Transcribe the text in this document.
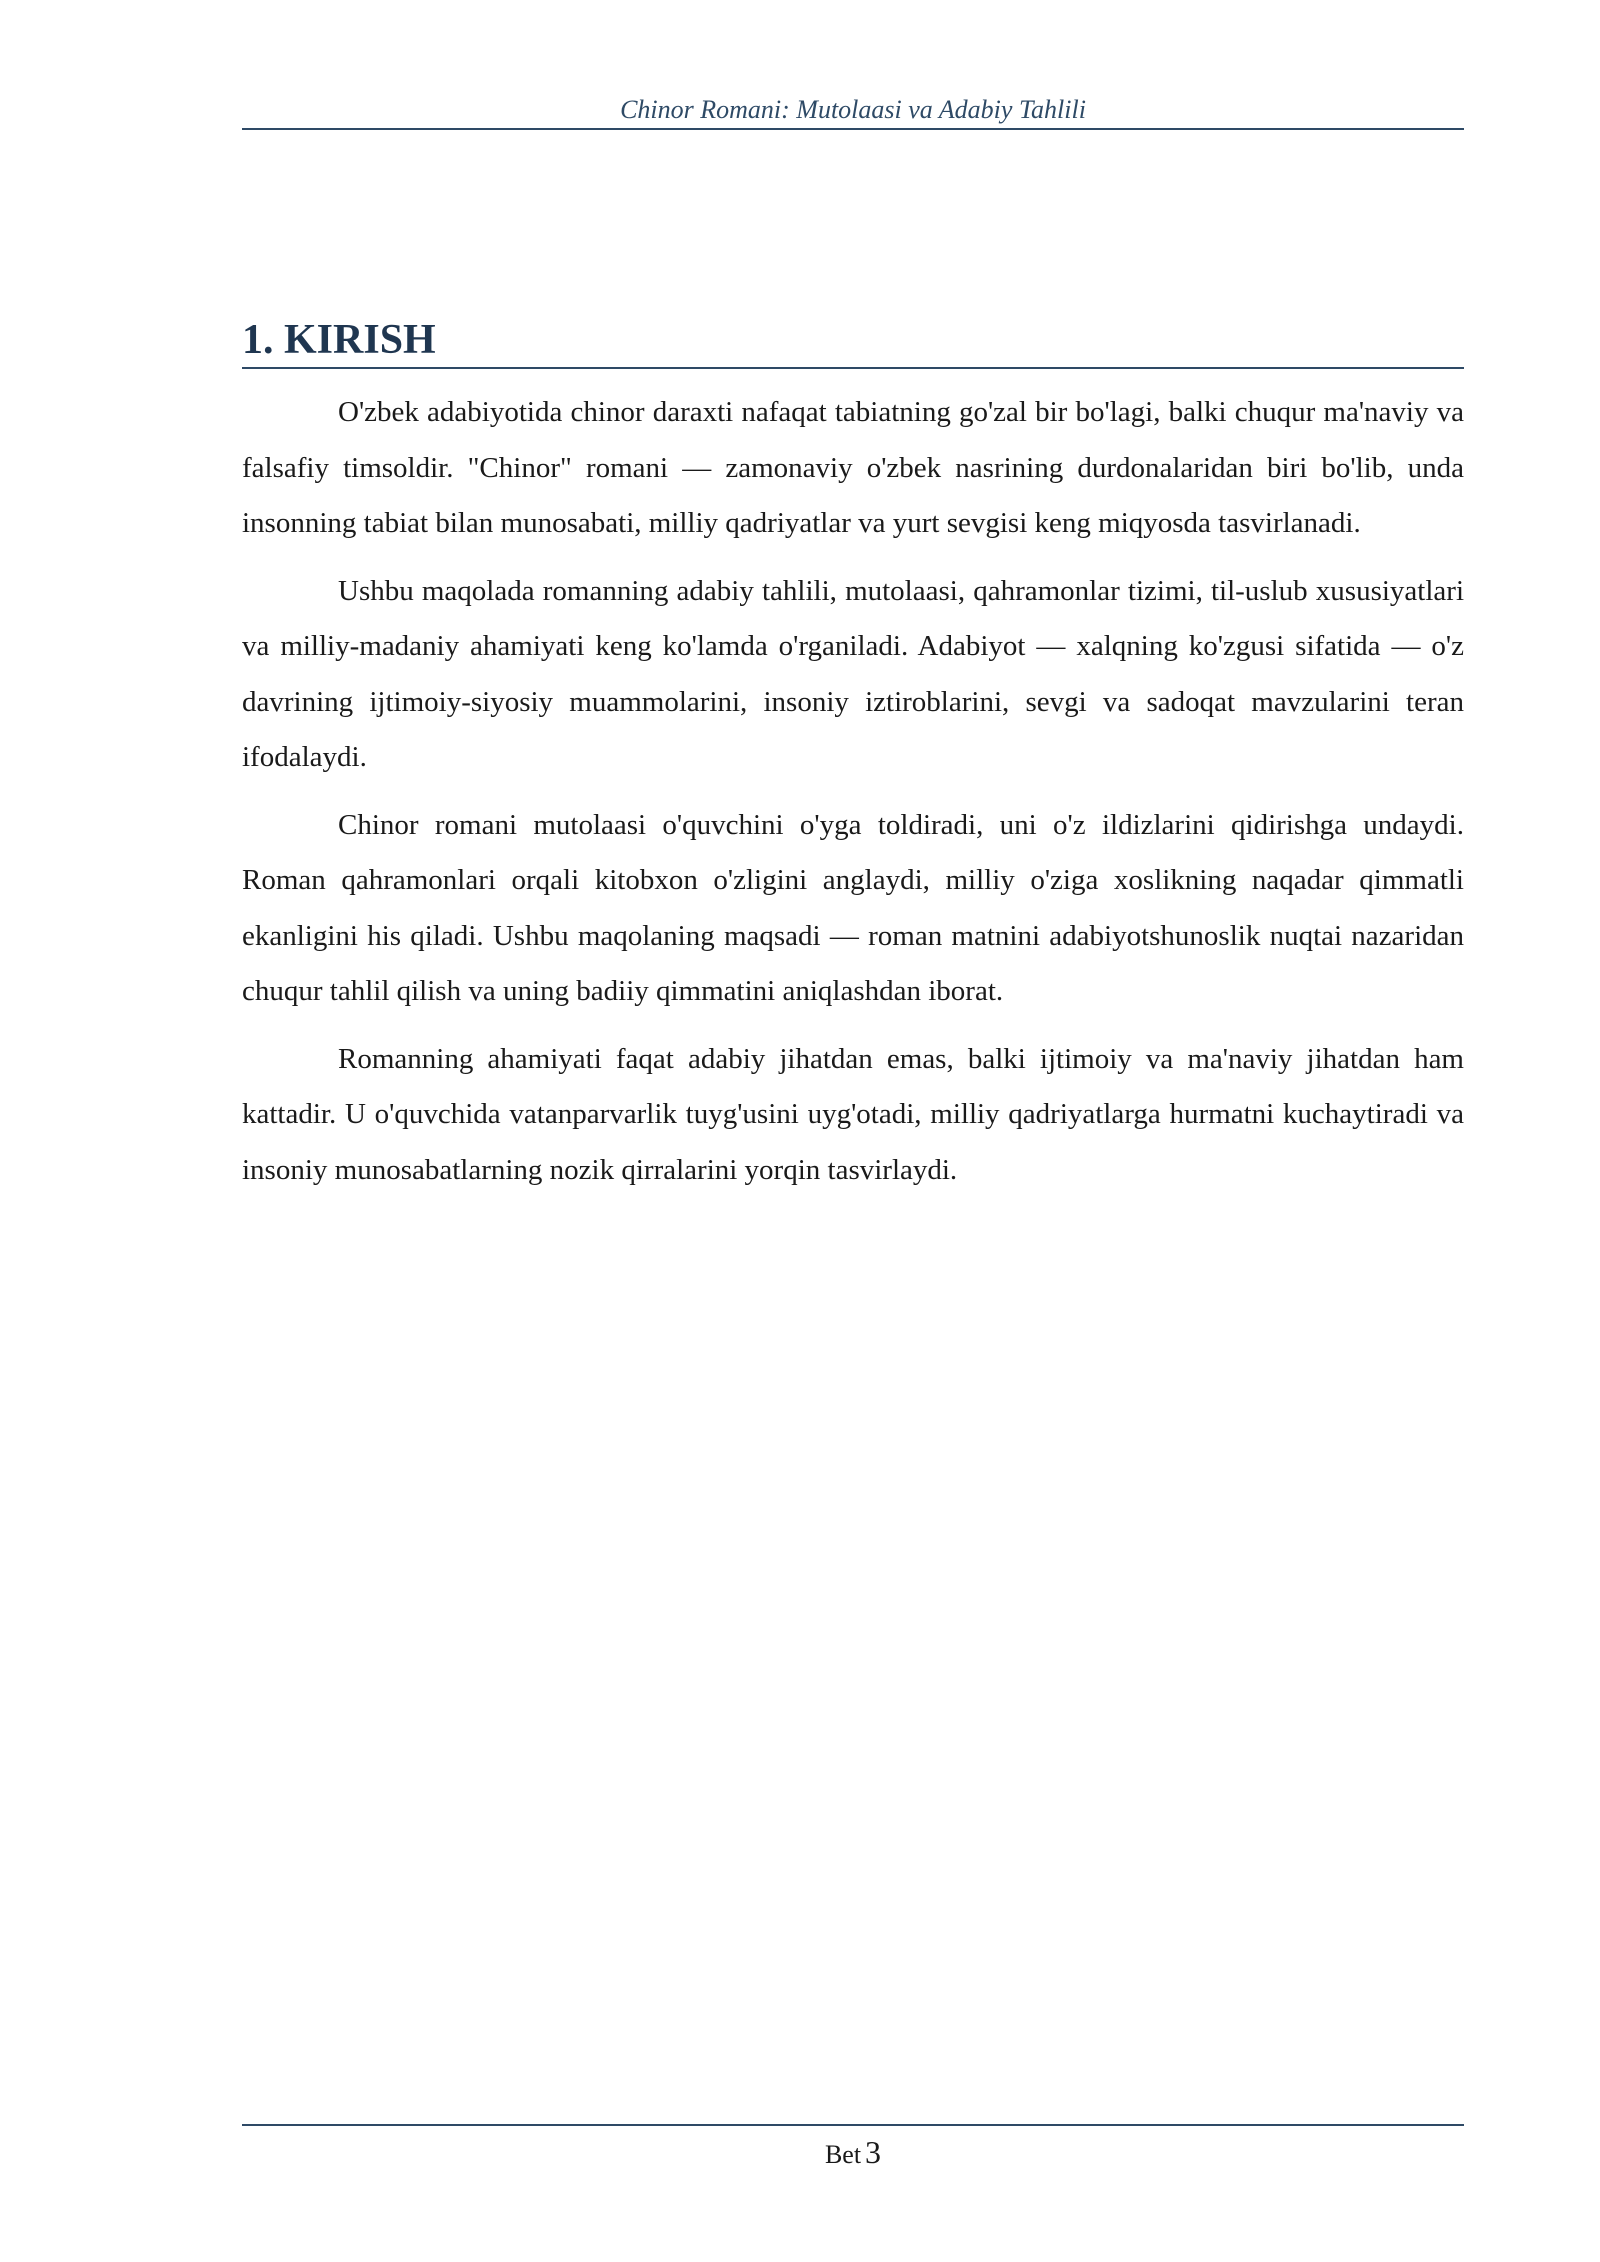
Chinor Romani: Mutolaasi va Adabiy Tahlili
1. KIRISH

O'zbek adabiyotida chinor daraxti nafaqat tabiatning go'zal bir bo'lagi, balki chuqur ma'naviy va falsafiy timsoldir. "Chinor" romani — zamonaviy o'zbek nasrining durdonalaridan biri bo'lib, unda insonning tabiat bilan munosabati, milliy qadriyatlar va yurt sevgisi keng miqyosda tasvirlanadi.

Ushbu maqolada romanning adabiy tahlili, mutolaasi, qahramonlar tizimi, til-uslub xususiyatlari va milliy-madaniy ahamiyati keng ko'lamda o'rganiladi. Adabiyot — xalqning ko'zgusi sifatida — o'z davrining ijtimoiy-siyosiy muammolarini, insoniy iztiroblarini, sevgi va sadoqat mavzularini teran ifodalaydi.

Chinor romani mutolaasi o'quvchini o'yga toldiradi, uni o'z ildizlarini qidirishga undaydi. Roman qahramonlari orqali kitobxon o'zligini anglaydi, milliy o'ziga xoslikning naqadar qimmatli ekanligini his qiladi. Ushbu maqolaning maqsadi — roman matnini adabiyotshunoslik nuqtai nazaridan chuqur tahlil qilish va uning badiiy qimmatini aniqlashdan iborat.

Romanning ahamiyati faqat adabiy jihatdan emas, balki ijtimoiy va ma'naviy jihatdan ham kattadir. U o'quvchida vatanparvarlik tuyg'usini uyg'otadi, milliy qadriyatlarga hurmatni kuchaytiradi va insoniy munosabatlarning nozik qirralarini yorqin tasvirlaydi.

Bet 3
